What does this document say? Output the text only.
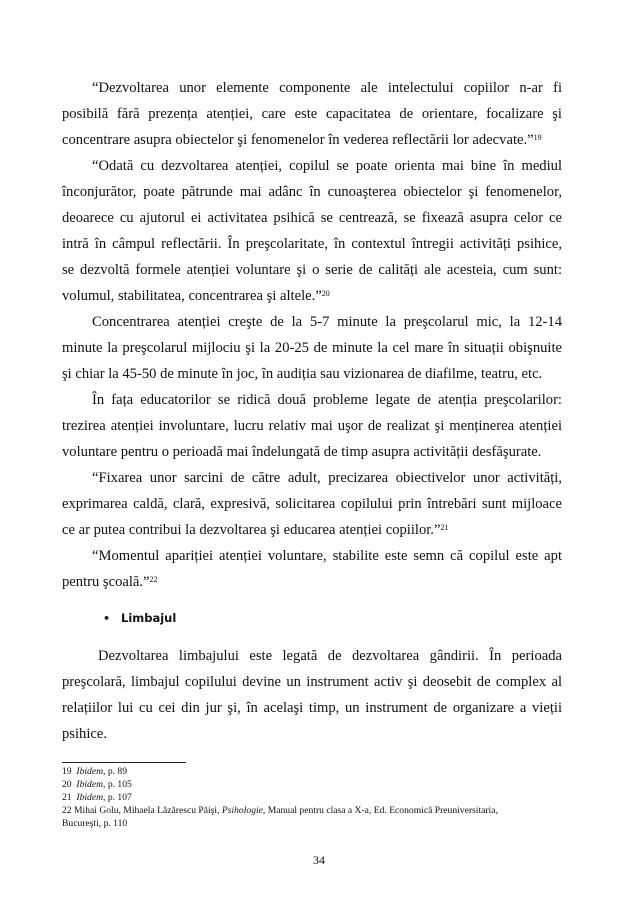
“Dezvoltarea unor elemente componente ale intelectului copiilor n-ar fi
posibilă fără prezența atenției, care este capacitatea de orientare, focalizare şi
concentrare asupra obiectelor şi fenomenelor în vederea reflectării lor adecvate.”$^{19}$
“Odată cu dezvoltarea atenției, copilul se poate orienta mai bine în mediul
înconjurător, poate pătrunde mai adânc în cunoaşterea obiectelor şi fenomenelor,
deoarece cu ajutorul ei activitatea psihică se centrează, se fixează asupra celor ce
intră în câmpul reflectării. În preşcolaritate, în contextul întregii activități psihice,
se dezvoltă formele atenției voluntare şi o serie de calități ale acesteia, cum sunt:
volumul, stabilitatea, concentrarea şi altele.”$^{20}$
Concentrarea atenției creşte de la 5-7 minute la preşcolarul mic, la 12-14
minute la preşcolarul mijlociu şi la 20-25 de minute la cel mare în situații obişnuite
şi chiar la 45-50 de minute în joc, în audiția sau vizionarea de diafilme, teatru, etc.
În fața educatorilor se ridică două probleme legate de atenția preşcolarilor:
trezirea atenției involuntare, lucru relativ mai uşor de realizat şi menținerea atenției
voluntare pentru o perioadă mai îndelungată de timp asupra activității desfăşurate.
“Fixarea unor sarcini de către adult, precizarea obiectivelor unor activități,
exprimarea caldă, clară, expresivă, solicitarea copilului prin întrebări sunt mijloace
ce ar putea contribui la dezvoltarea şi educarea atenției copiilor.”$^{21}$
“Momentul apariției atenției voluntare, stabilite este semn că copilul este apt
pentru şcoală.”$^{22}$
• Limbajul
Dezvoltarea limbajului este legată de dezvoltarea gândirii. În perioada
preşcolară, limbajul copilului devine un instrument activ şi deosebit de complex al
relațiilor lui cu cei din jur şi, în acelaşi timp, un instrument de organizare a vieții
psihice.
19 Ibidem, p. 89
20 Ibidem, p. 105
21 Ibidem, p. 107
22 Mihai Golu, Mihaela Lăzărescu Păişi, Psihologie, Manual pentru clasa a X-a, Ed. Economică Preuniversitaria,
Bucureşti, p. 110
34
